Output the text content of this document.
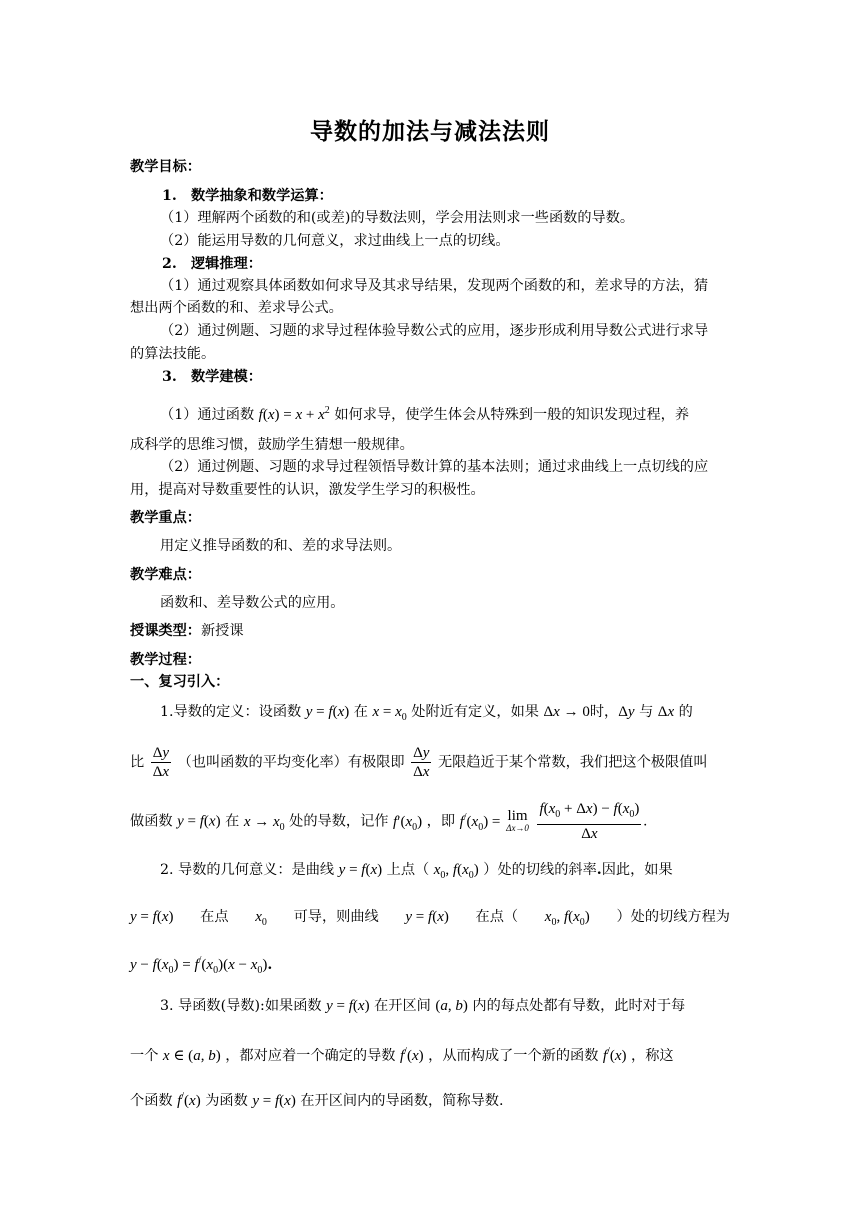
导数的加法与减法法则
教学目标：
1.　数学抽象和数学运算：
（1）理解两个函数的和(或差)的导数法则，学会用法则求一些函数的导数。
（2）能运用导数的几何意义，求过曲线上一点的切线。
2.　逻辑推理：
（1）通过观察具体函数如何求导及其求导结果，发现两个函数的和，差求导的方法，猜
想出两个函数的和、差求导公式。
（2）通过例题、习题的求导过程体验导数公式的应用，逐步形成利用导数公式进行求导
的算法技能。
3.　数学建模：
（1）通过函数 $f(x) = x + x^2$ 如何求导，使学生体会从特殊到一般的知识发现过程，养
成科学的思维习惯，鼓励学生猜想一般规律。
（2）通过例题、习题的求导过程领悟导数计算的基本法则；通过求曲线上一点切线的应
用，提高对导数重要性的认识，激发学生学习的积极性。
教学重点：
用定义推导函数的和、差的求导法则。
教学难点：
函数和、差导数公式的应用。
授课类型：新授课
教学过程：
一、复习引入：
1.导数的定义：设函数 y = f(x) 在 $x = x_0$ 处附近有定义，如果 Δx → 0时，Δy 与 Δx 的
比 $\frac{\Delta y}{\Delta x}$ （也叫函数的平均变化率）有极限即 $\frac{\Delta y}{\Delta x}$ 无限趋近于某个常数，我们把这个极限值叫
做函数 y = f(x) 在 $x \to x_0$ 处的导数，记作 $f'(x_0)$ ，即 $f^/(x_0) = \lim$
Δx→0
$\frac{f(x_0 + \Delta x) - f(x_0)}{\Delta x}$ .
2. 导数的几何意义：是曲线 y = f(x) 上点（ $x_0$, $f(x_0)$ ）处的切线的斜率.因此，如果
y = f(x) 在点 $x_0$ 可导，则曲线 y = f(x) 在点（ $x_0$, $f(x_0)$ ）处的切线方程为
$y - f(x_0) = f^/(x_0)(x - x_0)$.
3. 导函数(导数):如果函数 y = f(x) 在开区间 (a, b) 内的每点处都有导数，此时对于每
一个 x ∈ (a, b) ，都对应着一个确定的导数 f/(x) ，从而构成了一个新的函数 f/(x) ，称这
个函数 f/(x) 为函数 y = f(x) 在开区间内的导函数，简称导数.
